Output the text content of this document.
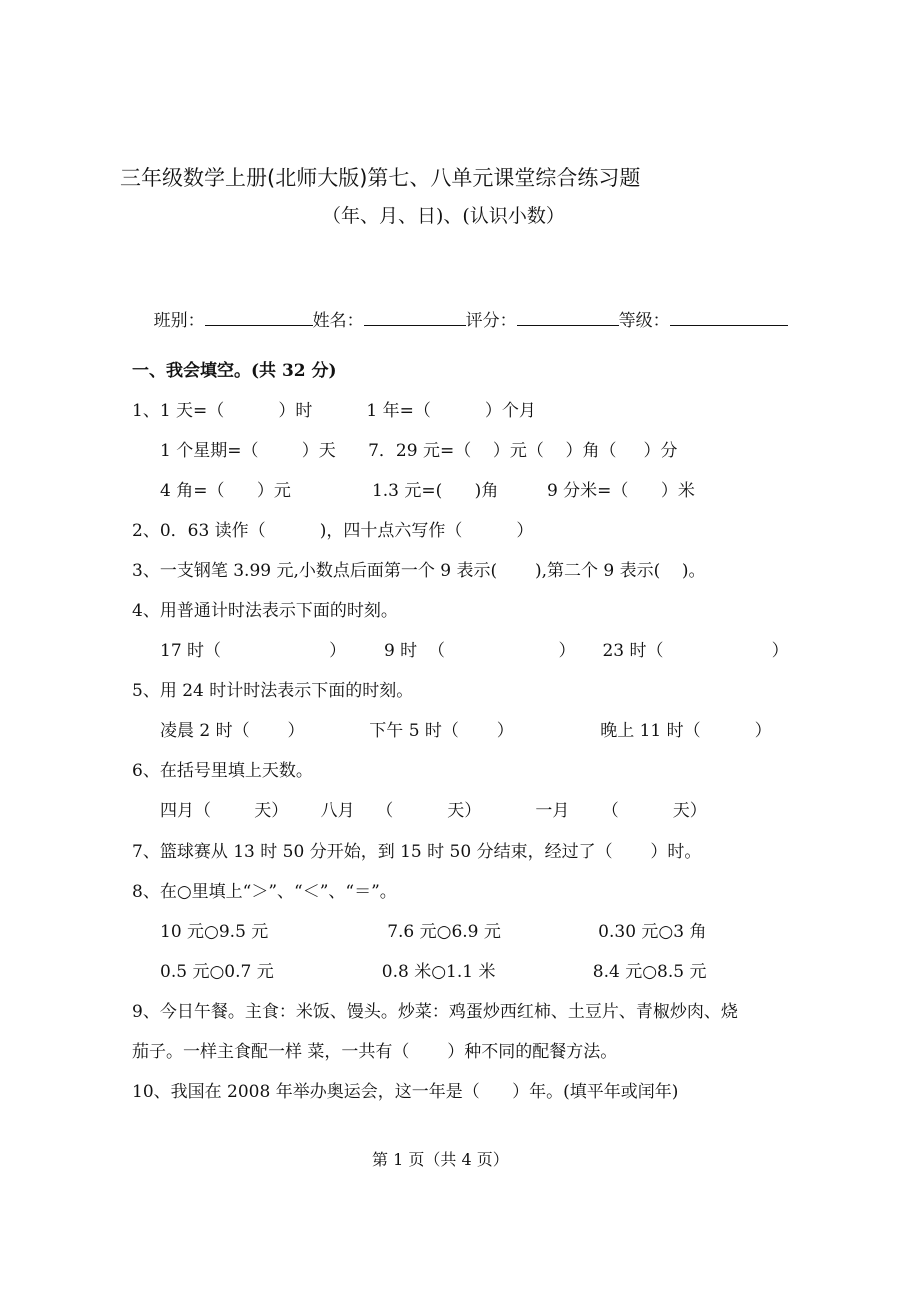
三年级数学上册(北师大版)第七、八单元课堂综合练习题
（年、月、日)、(认识小数）

班别：	姓名：	评分：	等级：

一、我会填空。(共 32 分)
1、1 天=（          ）时          1 年=（          ）个月
1 个星期=（        ）天      7．29 元=（    ）元（    ）角（     ）分
4 角=（      ）元               1.3 元=(      )角         9 分米=（      ）米
2、0．63 读作（          )，四十点六写作（          ）
3、一支钢笔 3.99 元,小数点后面第一个 9 表示(       ),第二个 9 表示(    )。
4、用普通计时法表示下面的时刻。
17 时（                    ）       9 时  （                     ）     23 时（                    ）
5、用 24 时计时法表示下面的时刻。
凌晨 2 时（       ）            下午 5 时（       ）                晚上 11 时（          ）
6、在括号里填上天数。
四月（        天）      八月    （          天）          一月      （          天）
7、篮球赛从 13 时 50 分开始，到 15 时 50 分结束，经过了（       ）时。
8、在○里填上“＞”、“＜”、“＝”。
10 元○9.5 元                      7.6 元○6.9 元                  0.30 元○3 角
0.5 元○0.7 元                    0.8 米○1.1 米                  8.4 元○8.5 元
9、今日午餐。主食：米饭、馒头。炒菜：鸡蛋炒西红柿、土豆片、青椒炒肉、烧
茄子。一样主食配一样 菜，一共有（       ）种不同的配餐方法。
10、我国在 2008 年举办奥运会，这一年是（      ）年。(填平年或闰年)
第 1 页（共 4 页）
